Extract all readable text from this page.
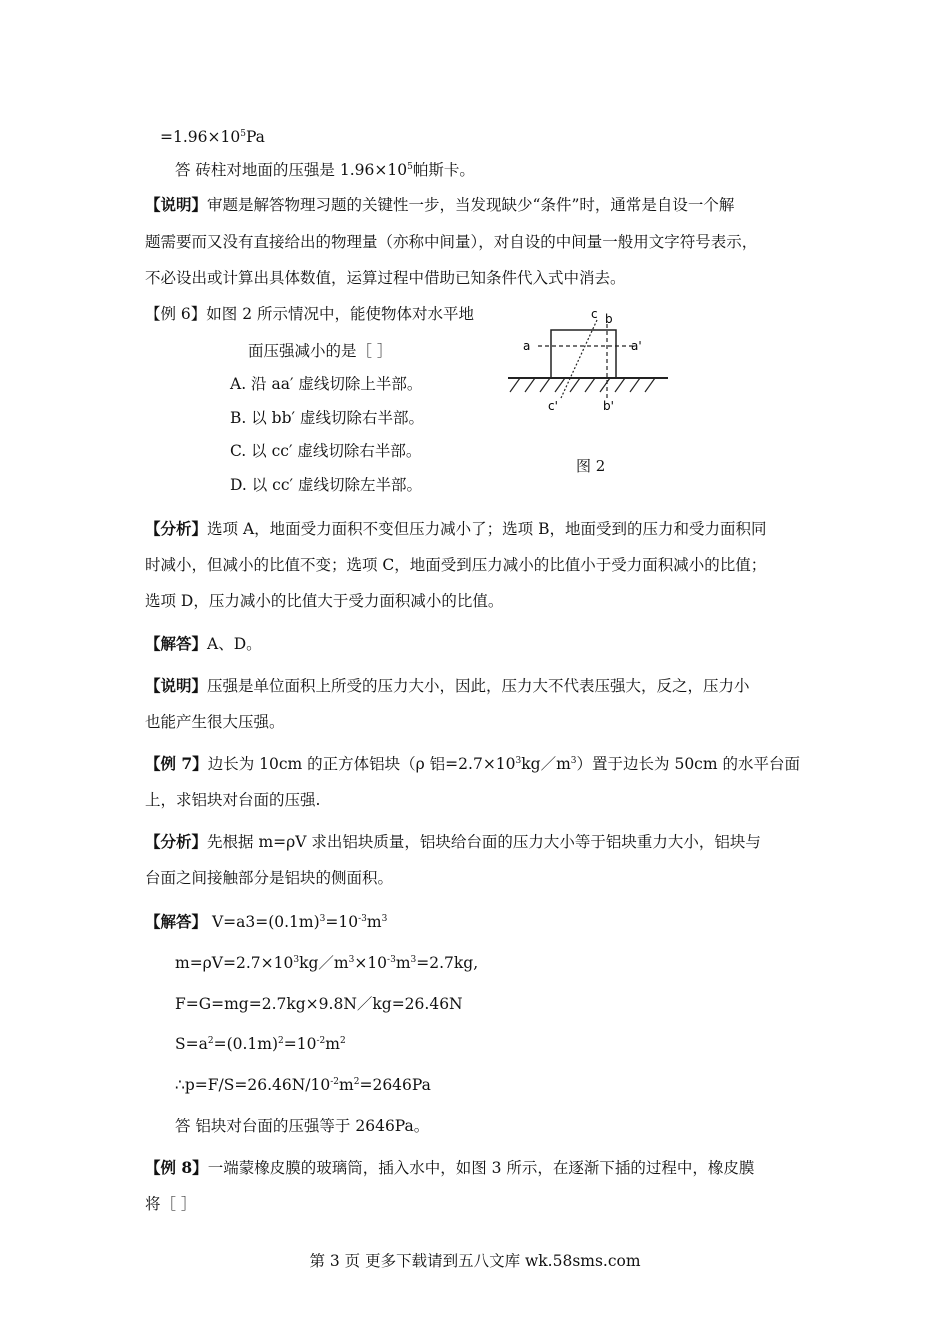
$=1.96\times 10^5Pa$
答 砖柱对地面的压强是 $1.96\times 10^5$帕斯卡。
【说明】审题是解答物理习题的关键性一步，当发现缺少“条件”时，通常是自设一个解
题需要而又没有直接给出的物理量（亦称中间量），对自设的中间量一般用文字符号表示，
不必设出或计算出具体数值，运算过程中借助已知条件代入式中消去。
【例 6】如图 2 所示情况中，能使物体对水平地
面压强减小的是［ ］
A. 沿 aa′ 虚线切除上半部。
B. 以 bb′ 虚线切除右半部。
C. 以 cc′ 虚线切除右半部。
D. 以 cc′ 虚线切除左半部。
a	a'
b
b'
c
c'
图 2
【分析】选项 A，地面受力面积不变但压力减小了；选项 B，地面受到的压力和受力面积同
时减小，但减小的比值不变；选项 C，地面受到压力减小的比值小于受力面积减小的比值；
选项 D，压力减小的比值大于受力面积减小的比值。
【解答】A、D。
【说明】压强是单位面积上所受的压力大小，因此，压力大不代表压强大，反之，压力小
也能产生很大压强。
【例 7】边长为 10cm 的正方体铝块（ρ 铝$=2.7\times 10^3kg/m^3$）置于边长为 50cm 的水平台面
上，求铝块对台面的压强.
【分析】先根据 m=ρV 求出铝块质量，铝块给台面的压力大小等于铝块重力大小，铝块与
台面之间接触部分是铝块的侧面积。
【解答】 $V=a3=(0.1m)^3=10^{-3}m^3$
$m=\rho V=2.7\times 10^3kg/m^3\times 10^{-3}m^3=2.7kg$,
F=G=mg=2.7kg×9.8N／kg=26.46N
$S=a^2=(0.1m)^2=10^{-2}m^2$
$\therefore p=F/S=26.46N/10^{-2}m^2=2646Pa$
答 铝块对台面的压强等于 2646Pa。
【例 8】一端蒙橡皮膜的玻璃筒，插入水中，如图 3 所示，在逐渐下插的过程中，橡皮膜
将［ ］
第 3 页 更多下载请到五八文库 wk.58sms.com
